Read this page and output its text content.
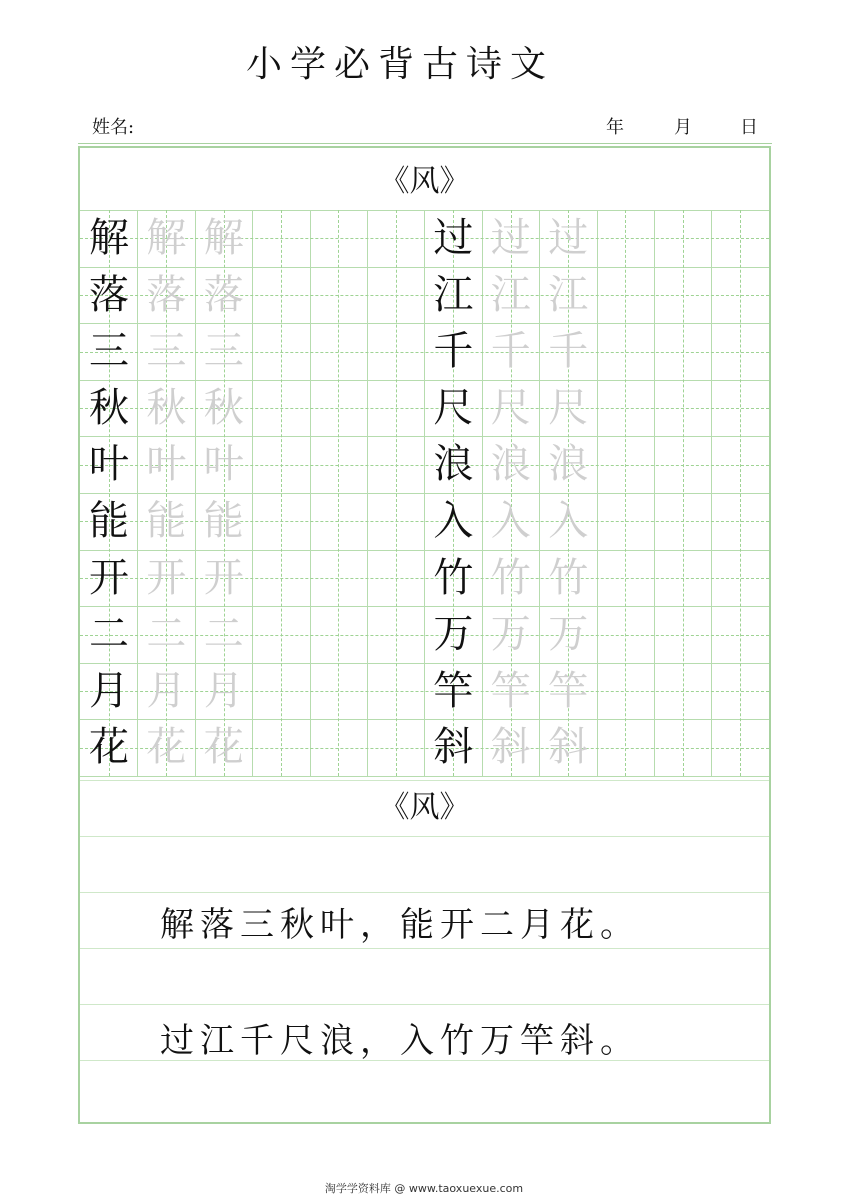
小学必背古诗文
姓名:	年	月	日
《风》
解 解 解
落 落 落
三 三 三
秋 秋 秋
叶 叶 叶
能 能 能
开 开 开
二 二 二
月 月 月
花 花 花
过 过 过
江 江 江
千 千 千
尺 尺 尺
浪 浪 浪
入 入 入
竹 竹 竹
万 万 万
竿 竿 竿
斜 斜 斜
《风》
解落三秋叶，能开二月花。
过江千尺浪，入竹万竿斜。
淘学学资料库 @ www.taoxuexue.com
